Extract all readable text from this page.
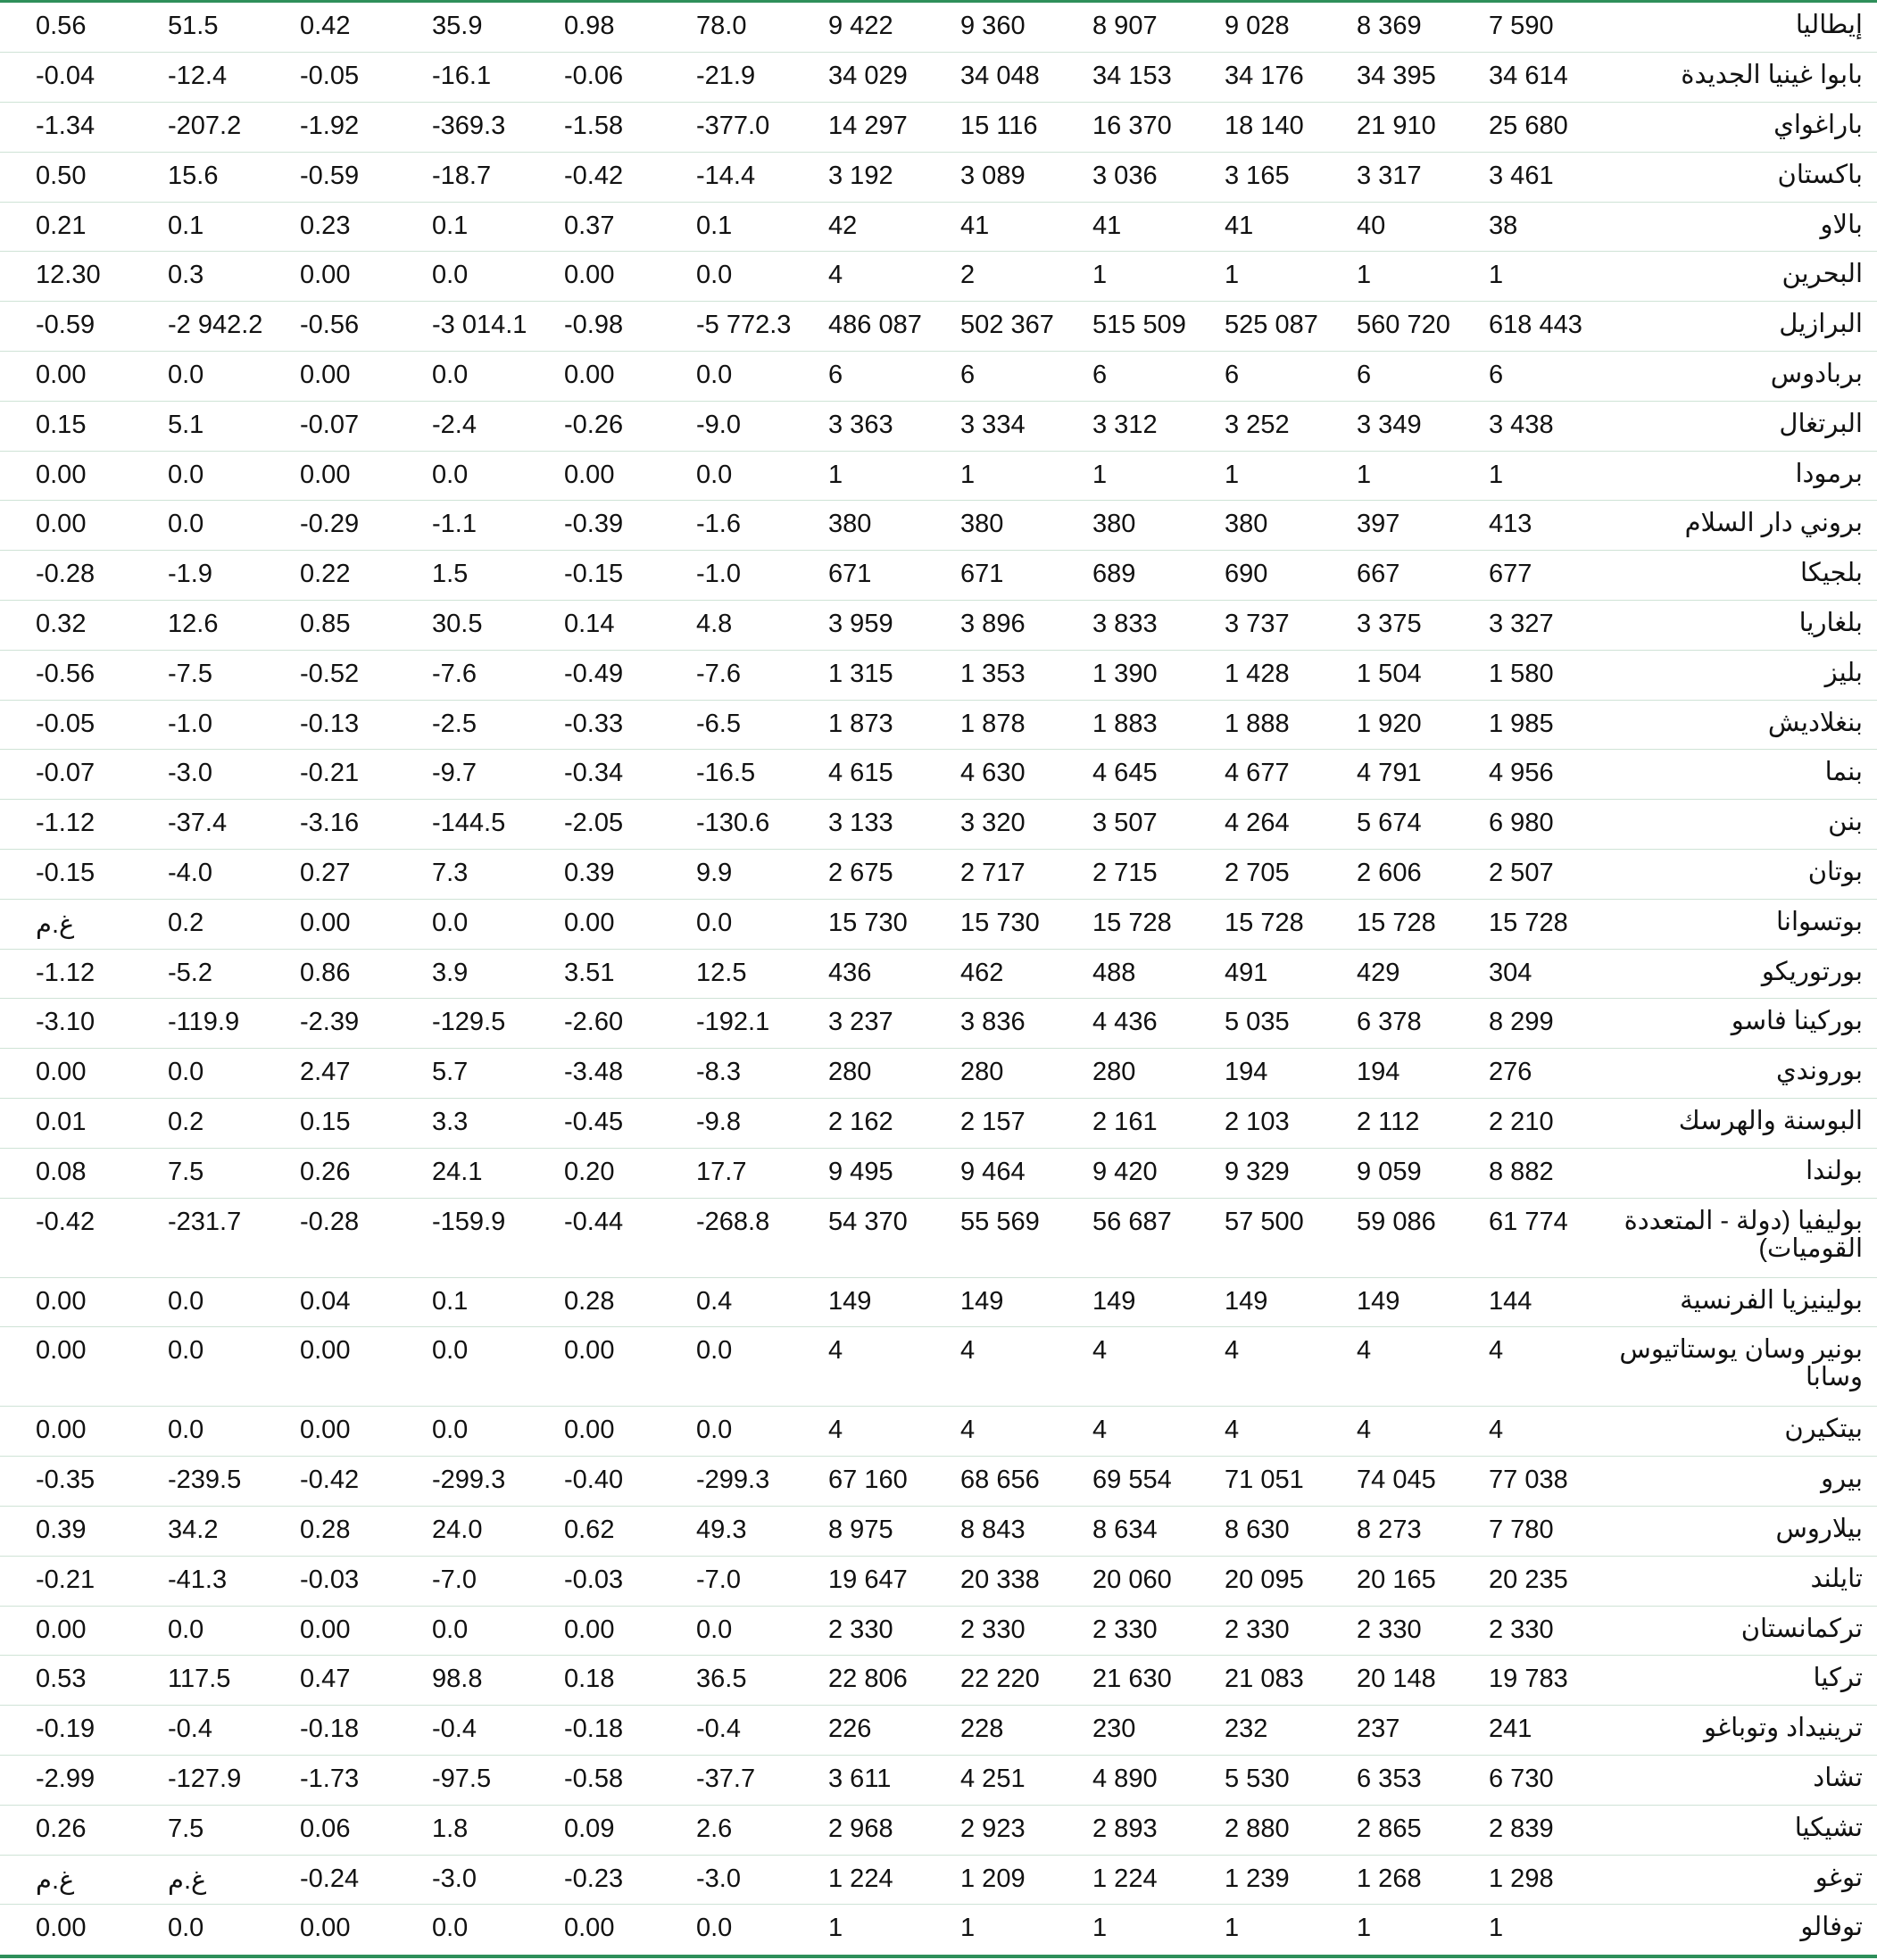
0.56	51.5	0.42	35.9	0.98	78.0	9 422	9 360	8 907	9 028	8 369	7 590	إيطاليا
-0.04	-12.4	-0.05	-16.1	-0.06	-21.9	34 029	34 048	34 153	34 176	34 395	34 614	بابوا غينيا الجديدة
-1.34	-207.2	-1.92	-369.3	-1.58	-377.0	14 297	15 116	16 370	18 140	21 910	25 680	باراغواي
0.50	15.6	-0.59	-18.7	-0.42	-14.4	3 192	3 089	3 036	3 165	3 317	3 461	باكستان
0.21	0.1	0.23	0.1	0.37	0.1	42	41	41	41	40	38	بالاو
12.30	0.3	0.00	0.0	0.00	0.0	4	2	1	1	1	1	البحرين
-0.59	-2 942.2	-0.56	-3 014.1	-0.98	-5 772.3	486 087	502 367	515 509	525 087	560 720	618 443	البرازيل
0.00	0.0	0.00	0.0	0.00	0.0	6	6	6	6	6	6	بربادوس
0.15	5.1	-0.07	-2.4	-0.26	-9.0	3 363	3 334	3 312	3 252	3 349	3 438	البرتغال
0.00	0.0	0.00	0.0	0.00	0.0	1	1	1	1	1	1	برمودا
0.00	0.0	-0.29	-1.1	-0.39	-1.6	380	380	380	380	397	413	بروني دار السلام
-0.28	-1.9	0.22	1.5	-0.15	-1.0	671	671	689	690	667	677	بلجيكا
0.32	12.6	0.85	30.5	0.14	4.8	3 959	3 896	3 833	3 737	3 375	3 327	بلغاريا
-0.56	-7.5	-0.52	-7.6	-0.49	-7.6	1 315	1 353	1 390	1 428	1 504	1 580	بليز
-0.05	-1.0	-0.13	-2.5	-0.33	-6.5	1 873	1 878	1 883	1 888	1 920	1 985	بنغلاديش
-0.07	-3.0	-0.21	-9.7	-0.34	-16.5	4 615	4 630	4 645	4 677	4 791	4 956	بنما
-1.12	-37.4	-3.16	-144.5	-2.05	-130.6	3 133	3 320	3 507	4 264	5 674	6 980	بنن
-0.15	-4.0	0.27	7.3	0.39	9.9	2 675	2 717	2 715	2 705	2 606	2 507	بوتان
غ.م	0.2	0.00	0.0	0.00	0.0	15 730	15 730	15 728	15 728	15 728	15 728	بوتسوانا
-1.12	-5.2	0.86	3.9	3.51	12.5	436	462	488	491	429	304	بورتوريكو
-3.10	-119.9	-2.39	-129.5	-2.60	-192.1	3 237	3 836	4 436	5 035	6 378	8 299	بوركينا فاسو
0.00	0.0	2.47	5.7	-3.48	-8.3	280	280	280	194	194	276	بوروندي
0.01	0.2	0.15	3.3	-0.45	-9.8	2 162	2 157	2 161	2 103	2 112	2 210	البوسنة والهرسك
0.08	7.5	0.26	24.1	0.20	17.7	9 495	9 464	9 420	9 329	9 059	8 882	بولندا
-0.42	-231.7	-0.28	-159.9	-0.44	-268.8	54 370	55 569	56 687	57 500	59 086	61 774	بوليفيا (دولة - المتعددة القوميات)
0.00	0.0	0.04	0.1	0.28	0.4	149	149	149	149	149	144	بولينيزيا الفرنسية
0.00	0.0	0.00	0.0	0.00	0.0	4	4	4	4	4	4	بونير وسان يوستاتيوس وسابا
0.00	0.0	0.00	0.0	0.00	0.0	4	4	4	4	4	4	بيتكيرن
-0.35	-239.5	-0.42	-299.3	-0.40	-299.3	67 160	68 656	69 554	71 051	74 045	77 038	بيرو
0.39	34.2	0.28	24.0	0.62	49.3	8 975	8 843	8 634	8 630	8 273	7 780	بيلاروس
-0.21	-41.3	-0.03	-7.0	-0.03	-7.0	19 647	20 338	20 060	20 095	20 165	20 235	تايلند
0.00	0.0	0.00	0.0	0.00	0.0	2 330	2 330	2 330	2 330	2 330	2 330	تركمانستان
0.53	117.5	0.47	98.8	0.18	36.5	22 806	22 220	21 630	21 083	20 148	19 783	تركيا
-0.19	-0.4	-0.18	-0.4	-0.18	-0.4	226	228	230	232	237	241	ترينيداد وتوباغو
-2.99	-127.9	-1.73	-97.5	-0.58	-37.7	3 611	4 251	4 890	5 530	6 353	6 730	تشاد
0.26	7.5	0.06	1.8	0.09	2.6	2 968	2 923	2 893	2 880	2 865	2 839	تشيكيا
غ.م	غ.م	-0.24	-3.0	-0.23	-3.0	1 224	1 209	1 224	1 239	1 268	1 298	توغو
0.00	0.0	0.00	0.0	0.00	0.0	1	1	1	1	1	1	توفالو
